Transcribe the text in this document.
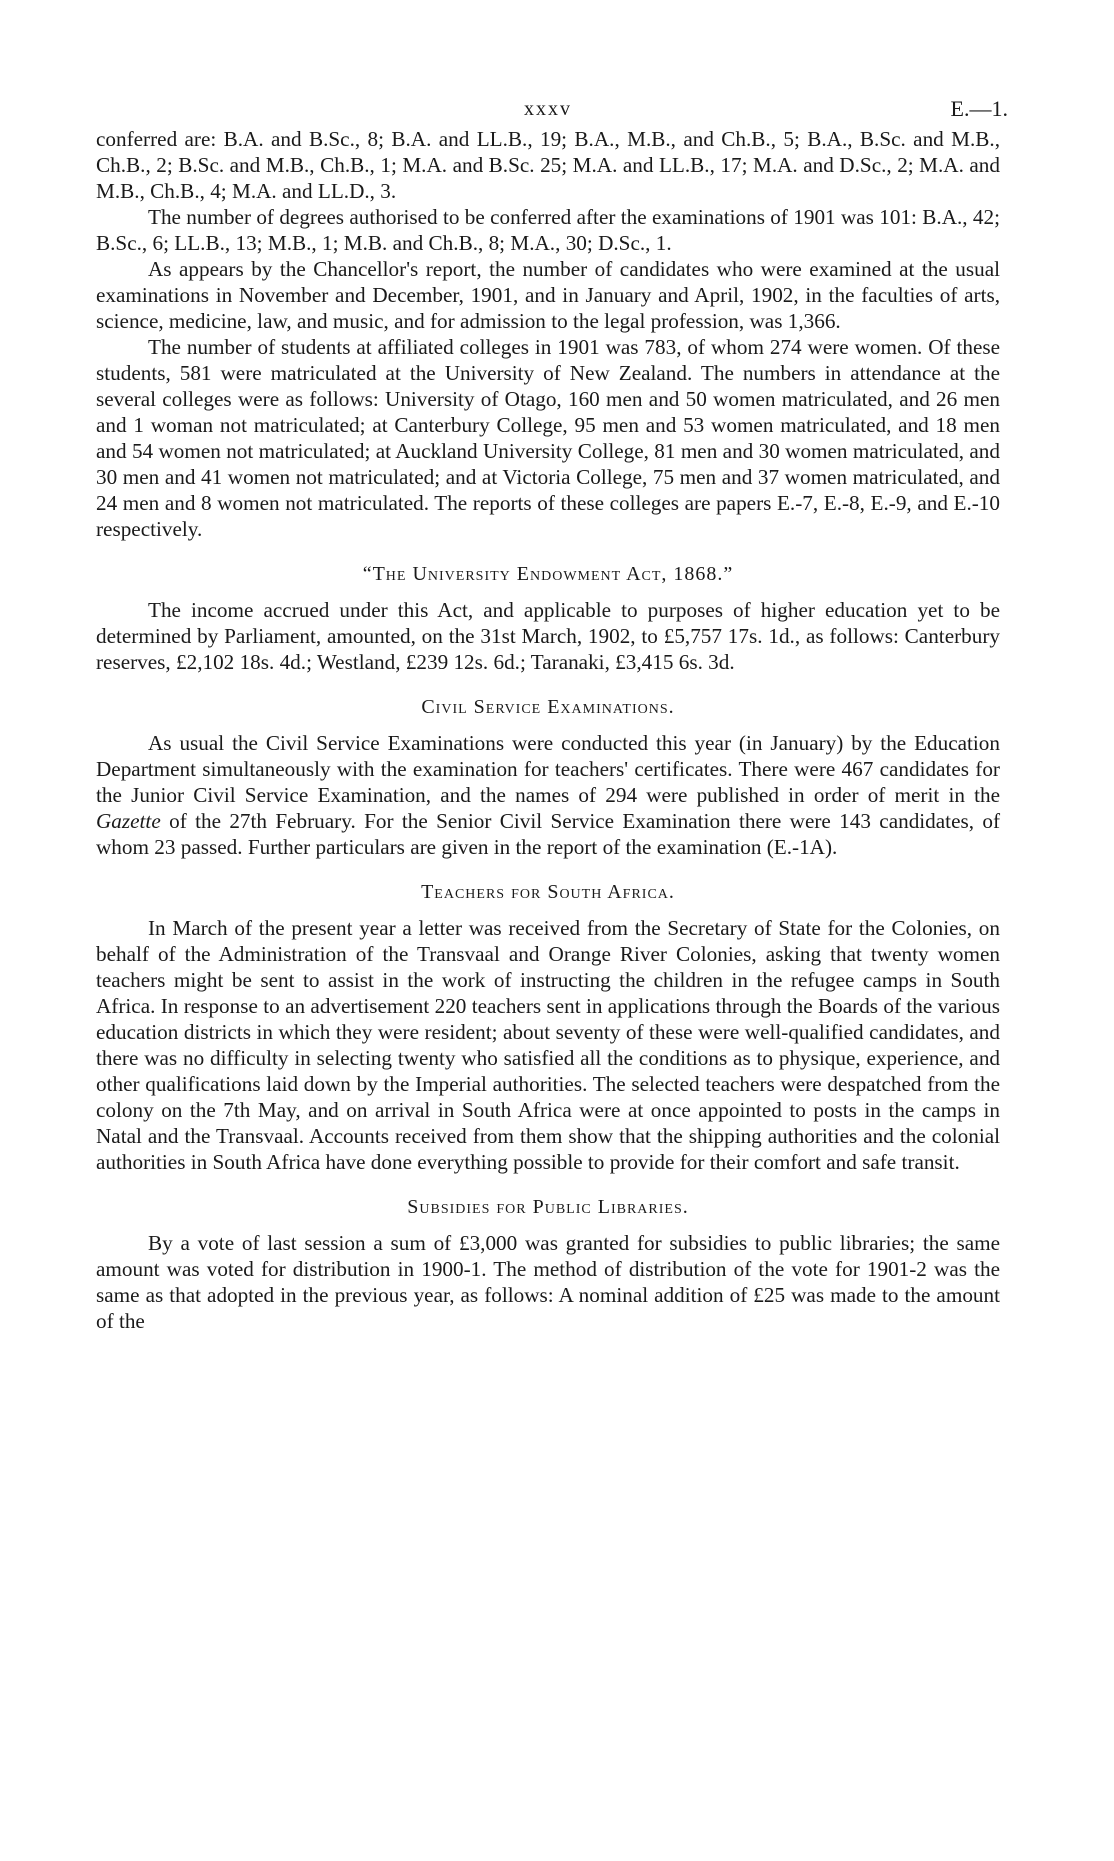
xxxv	E.—1.

conferred are: B.A. and B.Sc., 8; B.A. and LL.B., 19; B.A., M.B., and Ch.B., 5; B.A., B.Sc. and M.B., Ch.B., 2; B.Sc. and M.B., Ch.B., 1; M.A. and B.Sc. 25; M.A. and LL.B., 17; M.A. and D.Sc., 2; M.A. and M.B., Ch.B., 4; M.A. and LL.D., 3.

The number of degrees authorised to be conferred after the examinations of 1901 was 101: B.A., 42; B.Sc., 6; LL.B., 13; M.B., 1; M.B. and Ch.B., 8; M.A., 30; D.Sc., 1.

As appears by the Chancellor's report, the number of candidates who were examined at the usual examinations in November and December, 1901, and in January and April, 1902, in the faculties of arts, science, medicine, law, and music, and for admission to the legal profession, was 1,366.

The number of students at affiliated colleges in 1901 was 783, of whom 274 were women. Of these students, 581 were matriculated at the University of New Zealand. The numbers in attendance at the several colleges were as follows: University of Otago, 160 men and 50 women matriculated, and 26 men and 1 woman not matriculated; at Canterbury College, 95 men and 53 women matriculated, and 18 men and 54 women not matriculated; at Auckland University College, 81 men and 30 women matriculated, and 30 men and 41 women not matriculated; and at Victoria College, 75 men and 37 women matriculated, and 24 men and 8 women not matriculated. The reports of these colleges are papers E.-7, E.-8, E.-9, and E.-10 respectively.

“The University Endowment Act, 1868.”

The income accrued under this Act, and applicable to purposes of higher education yet to be determined by Parliament, amounted, on the 31st March, 1902, to £5,757 17s. 1d., as follows: Canterbury reserves, £2,102 18s. 4d.; Westland, £239 12s. 6d.; Taranaki, £3,415 6s. 3d.

Civil Service Examinations.

As usual the Civil Service Examinations were conducted this year (in January) by the Education Department simultaneously with the examination for teachers' certificates. There were 467 candidates for the Junior Civil Service Examination, and the names of 294 were published in order of merit in the Gazette of the 27th February. For the Senior Civil Service Examination there were 143 candidates, of whom 23 passed. Further particulars are given in the report of the examination (E.-1A).

Teachers for South Africa.

In March of the present year a letter was received from the Secretary of State for the Colonies, on behalf of the Administration of the Transvaal and Orange River Colonies, asking that twenty women teachers might be sent to assist in the work of instructing the children in the refugee camps in South Africa. In response to an advertisement 220 teachers sent in applications through the Boards of the various education districts in which they were resident; about seventy of these were well-qualified candidates, and there was no difficulty in selecting twenty who satisfied all the conditions as to physique, experience, and other qualifications laid down by the Imperial authorities. The selected teachers were despatched from the colony on the 7th May, and on arrival in South Africa were at once appointed to posts in the camps in Natal and the Transvaal. Accounts received from them show that the shipping authorities and the colonial authorities in South Africa have done everything possible to provide for their comfort and safe transit.

Subsidies for Public Libraries.

By a vote of last session a sum of £3,000 was granted for subsidies to public libraries; the same amount was voted for distribution in 1900-1. The method of distribution of the vote for 1901-2 was the same as that adopted in the previous year, as follows: A nominal addition of £25 was made to the amount of the
